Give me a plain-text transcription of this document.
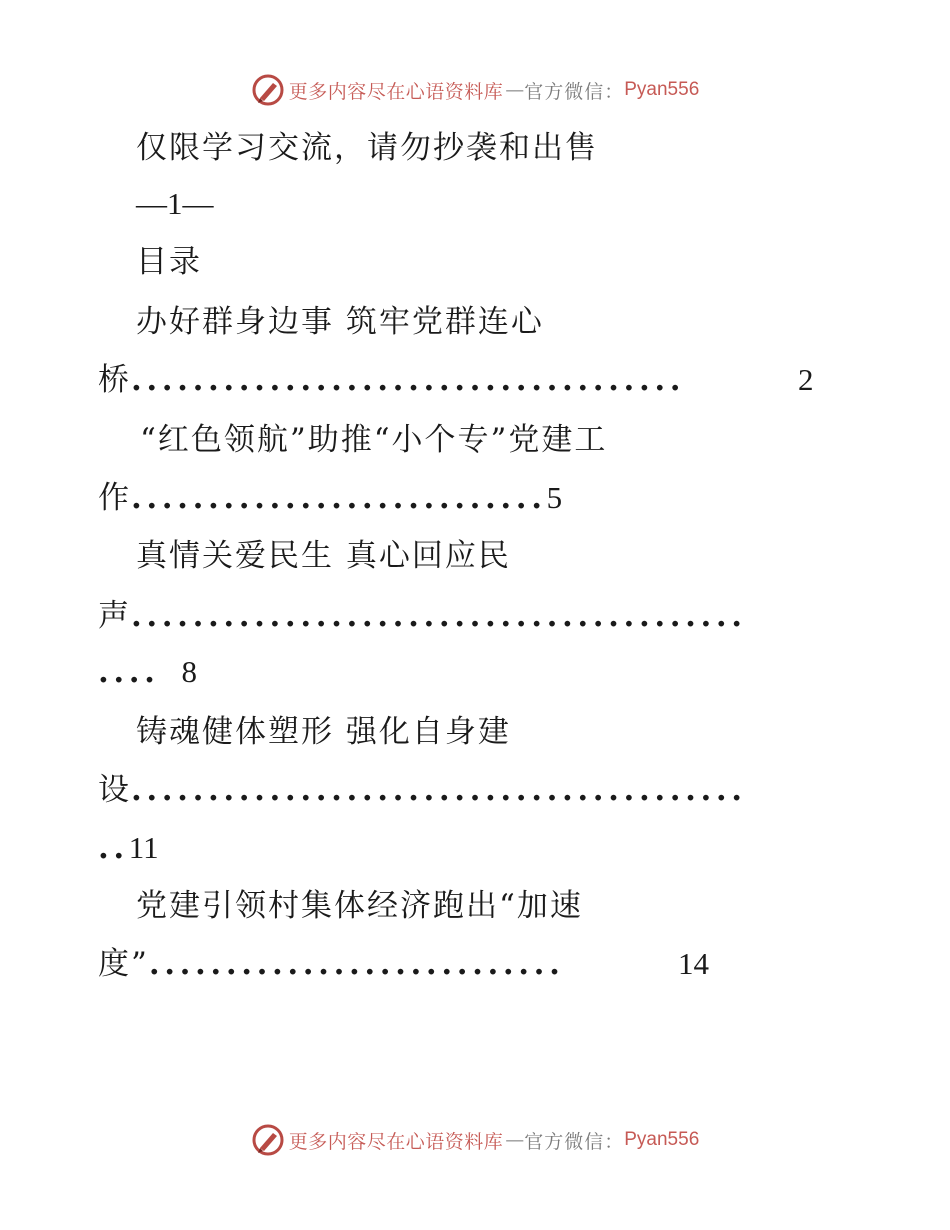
更多内容尽在心语资料库 — 官方微信： Pyan556
仅限学习交流，请勿抄袭和出售
—1—
目录
办好群身边事 筑牢党群连心
桥....................................	2
“红色领航”助推“小个专”党建工
作...........................5
真情关爱民生 真心回应民
声........................................
.... 8
铸魂健体塑形 强化自身建
设........................................
..11
党建引领村集体经济跑出“加速
度”...........................	14
更多内容尽在心语资料库 — 官方微信： Pyan556
